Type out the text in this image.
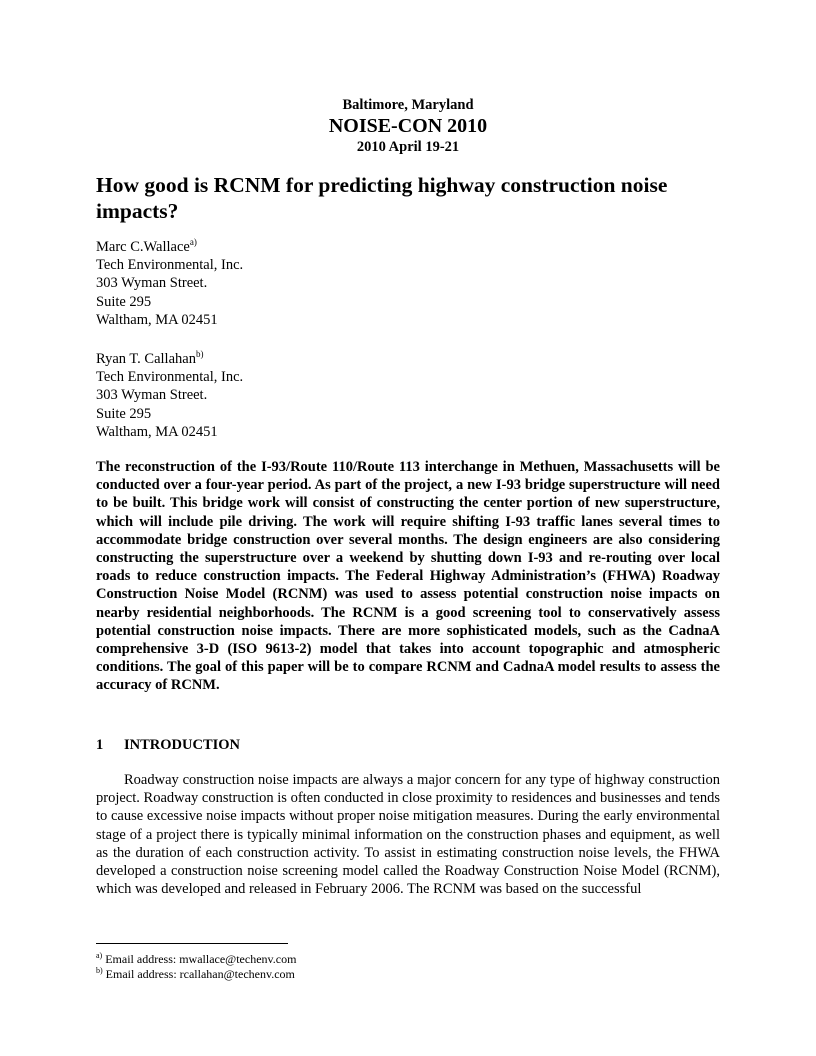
Baltimore, Maryland
NOISE-CON 2010
2010 April 19-21
How good is RCNM for predicting highway construction noise impacts?
Marc C.Wallace$^{a)}$
Tech Environmental, Inc.
303 Wyman Street.
Suite 295
Waltham, MA 02451
Ryan T. Callahan$^{b)}$
Tech Environmental, Inc.
303 Wyman Street.
Suite 295
Waltham, MA 02451

The reconstruction of the I-93/Route 110/Route 113 interchange in Methuen, Massachusetts will be conducted over a four-year period. As part of the project, a new I-93 bridge superstructure will need to be built. This bridge work will consist of constructing the center portion of new superstructure, which will include pile driving. The work will require shifting I-93 traffic lanes several times to accommodate bridge construction over several months. The design engineers are also considering constructing the superstructure over a weekend by shutting down I-93 and re-routing over local roads to reduce construction impacts. The Federal Highway Administration’s (FHWA) Roadway Construction Noise Model (RCNM) was used to assess potential construction noise impacts on nearby residential neighborhoods. The RCNM is a good screening tool to conservatively assess potential construction noise impacts. There are more sophisticated models, such as the CadnaA comprehensive 3-D (ISO 9613-2) model that takes into account topographic and atmospheric conditions. The goal of this paper will be to compare RCNM and CadnaA model results to assess the accuracy of RCNM.

1 INTRODUCTION

Roadway construction noise impacts are always a major concern for any type of highway construction project. Roadway construction is often conducted in close proximity to residences and businesses and tends to cause excessive noise impacts without proper noise mitigation measures. During the early environmental stage of a project there is typically minimal information on the construction phases and equipment, as well as the duration of each construction activity. To assist in estimating construction noise levels, the FHWA developed a construction noise screening model called the Roadway Construction Noise Model (RCNM), which was developed and released in February 2006. The RCNM was based on the successful

$^{a)}$ Email address: mwallace@techenv.com
$^{b)}$ Email address: rcallahan@techenv.com
